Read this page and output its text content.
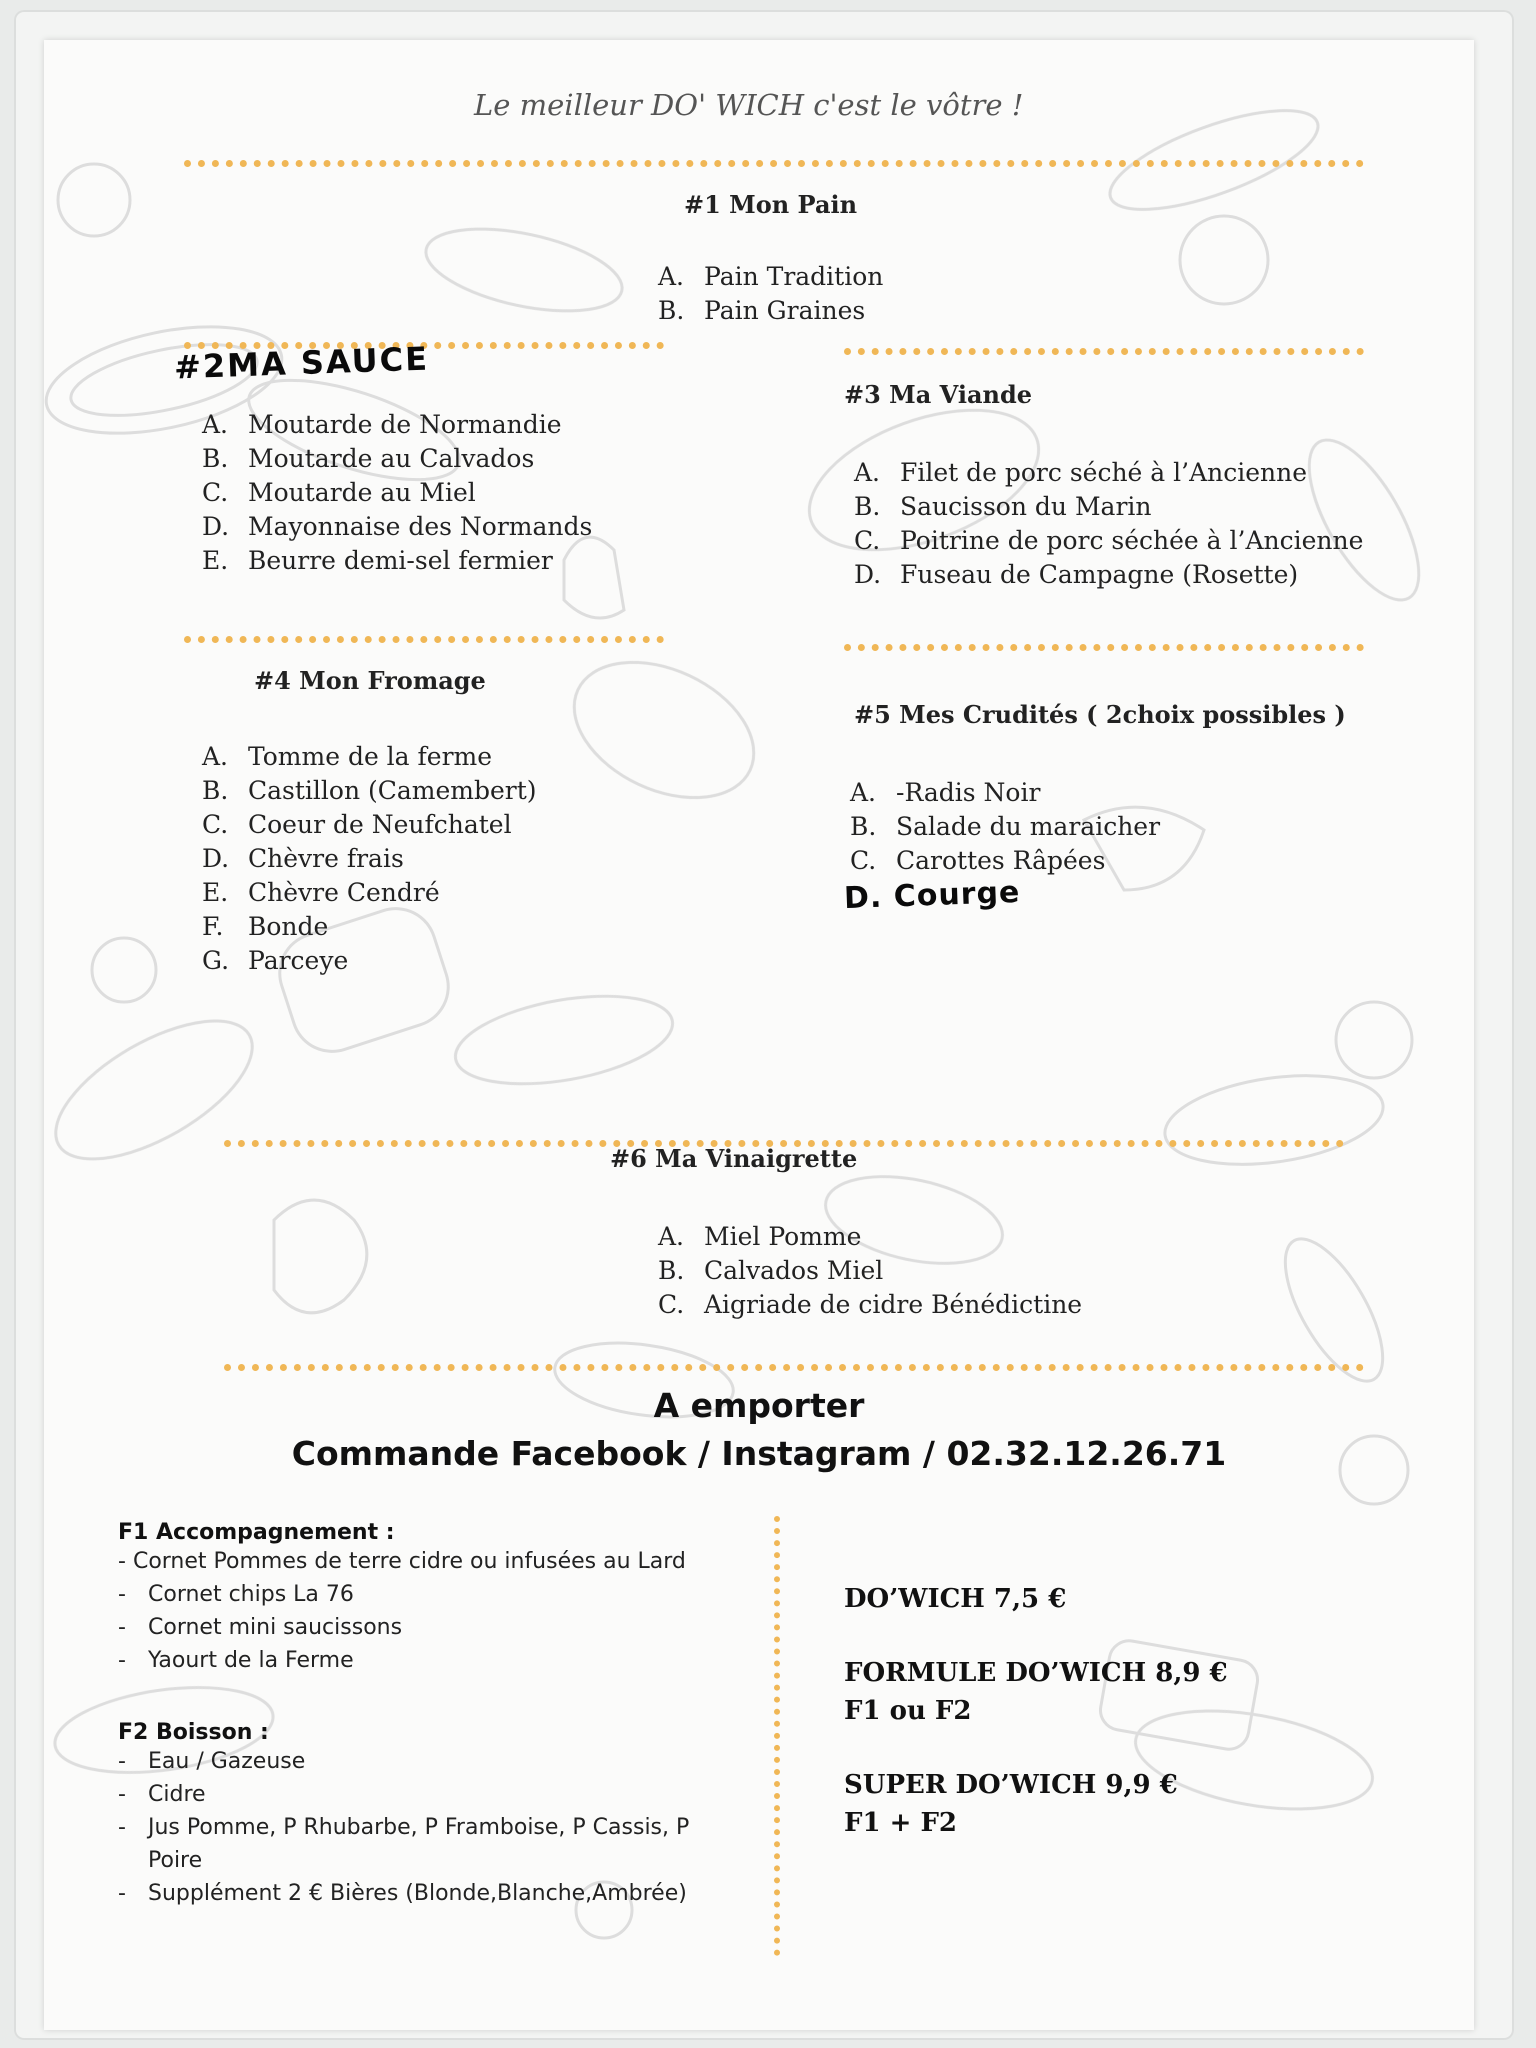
Le meilleur DO' WICH c'est le vôtre !
#1 Mon Pain
A. Pain Tradition
B. Pain Graines
#2MA SAUCE
A. Moutarde de Normandie
B. Moutarde au Calvados
C. Moutarde au Miel
D. Mayonnaise des Normands
E. Beurre demi-sel fermier
#3 Ma Viande
A. Filet de porc séché à l’Ancienne
B. Saucisson du Marin
C. Poitrine de porc séchée à l’Ancienne
D. Fuseau de Campagne (Rosette)
#4 Mon Fromage
A. Tomme de la ferme
B. Castillon (Camembert)
C. Coeur de Neufchatel
D. Chèvre frais
E. Chèvre Cendré
F. Bonde
G. Parceye
#5 Mes Crudités ( 2choix possibles )
A. -Radis Noir
B. Salade du maraicher
C. Carottes Râpées
D. Courge
#6 Ma Vinaigrette
A. Miel Pomme
B. Calvados Miel
C. Aigriade de cidre Bénédictine
A emporter
Commande Facebook / Instagram / 02.32.12.26.71
F1 Accompagnement :
- Cornet Pommes de terre cidre ou infusées au Lard
- Cornet chips La 76
- Cornet mini saucissons
- Yaourt de la Ferme
F2 Boisson :
- Eau / Gazeuse
- Cidre
- Jus Pomme, P Rhubarbe, P Framboise, P Cassis, P
Poire
- Supplément 2 € Bières (Blonde,Blanche,Ambrée)
DO’WICH 7,5 €
FORMULE DO’WICH 8,9 €
F1 ou F2
SUPER DO’WICH 9,9 €
F1 + F2
